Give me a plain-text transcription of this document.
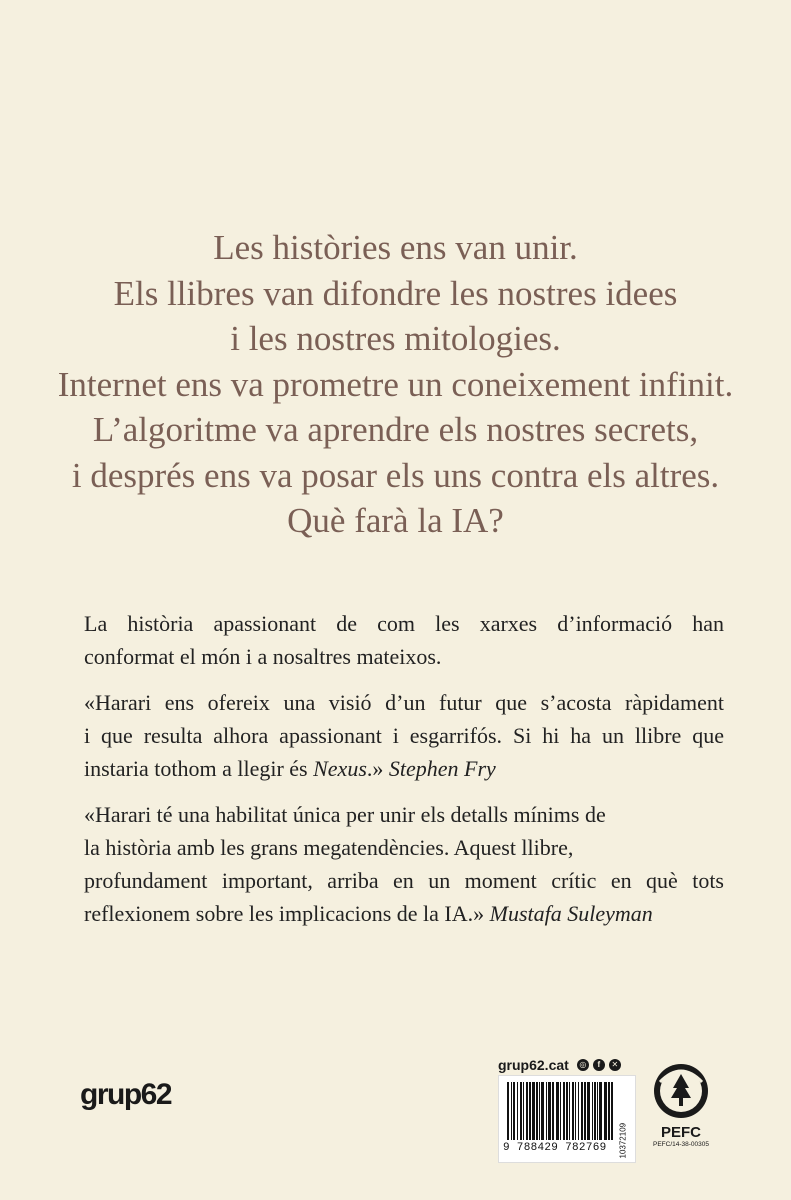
Les històries ens van unir.
Els llibres van difondre les nostres idees
i les nostres mitologies.
Internet ens va prometre un coneixement infinit.
L’algoritme va aprendre els nostres secrets,
i després ens va posar els uns contra els altres.
Què farà la IA?

La història apassionant de com les xarxes d’informació han
conformat el món i a nosaltres mateixos.

«Harari ens ofereix una visió d’un futur que s’acosta ràpidament
i que resulta alhora apassionant i esgarrifós. Si hi ha un llibre que
instaria tothom a llegir és Nexus.» Stephen Fry

«Harari té una habilitat única per unir els detalls mínims de
la història amb les grans megatendències. Aquest llibre,
profundament important, arriba en un moment crític en què tots
reflexionem sobre les implicacions de la IA.» Mustafa Suleyman

grup62
grup62.cat	◎	f	✕
9 788429 782769	10372109	PEFC
PEFC/14-38-00305
